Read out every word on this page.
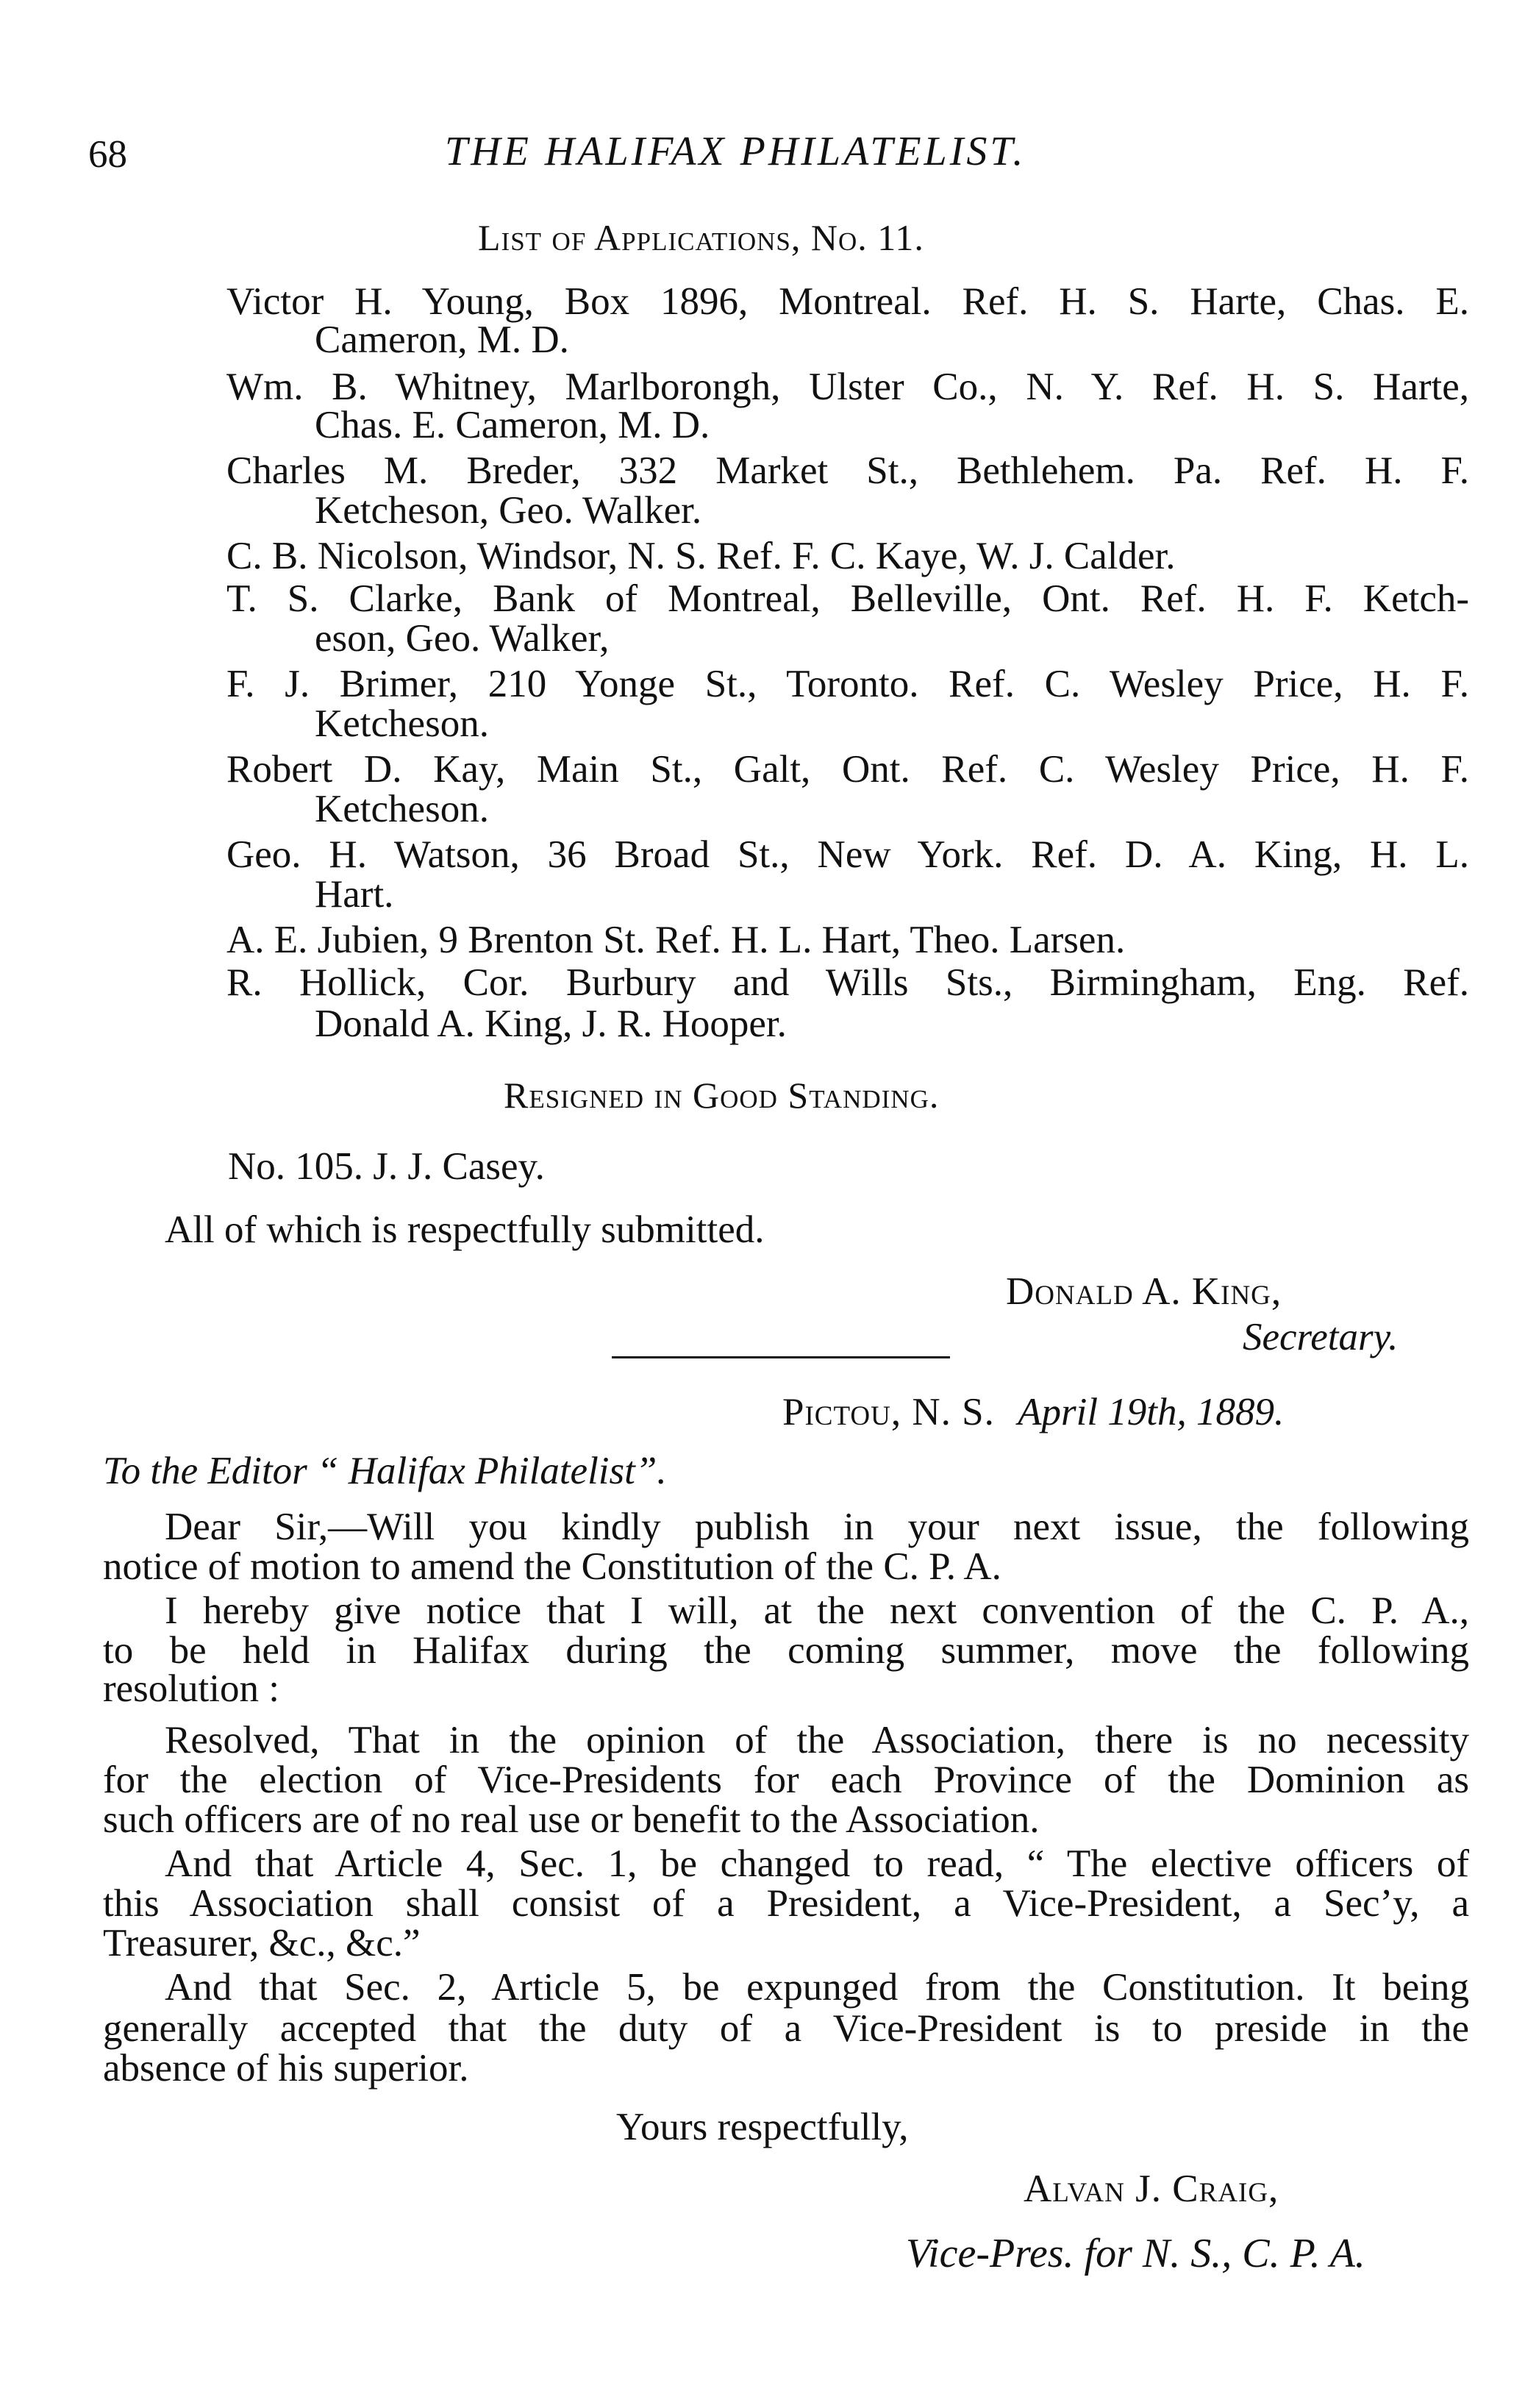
68	THE HALIFAX PHILATELIST.
List of Applications, No. 11.
Victor H. Young, Box 1896, Montreal. Ref. H. S. Harte, Chas. E.
Cameron, M. D.
Wm. B. Whitney, Marlborongh, Ulster Co., N. Y. Ref. H. S. Harte,
Chas. E. Cameron, M. D.
Charles M. Breder, 332 Market St., Bethlehem. Pa. Ref. H. F.
Ketcheson, Geo. Walker.
C. B. Nicolson, Windsor, N. S. Ref. F. C. Kaye, W. J. Calder.
T. S. Clarke, Bank of Montreal, Belleville, Ont. Ref. H. F. Ketch-
eson, Geo. Walker,
F. J. Brimer, 210 Yonge St., Toronto. Ref. C. Wesley Price, H. F.
Ketcheson.
Robert D. Kay, Main St., Galt, Ont. Ref. C. Wesley Price, H. F.
Ketcheson.
Geo. H. Watson, 36 Broad St., New York. Ref. D. A. King, H. L.
Hart.
A. E. Jubien, 9 Brenton St. Ref. H. L. Hart, Theo. Larsen.
R. Hollick, Cor. Burbury and Wills Sts., Birmingham, Eng. Ref.
Donald A. King, J. R. Hooper.
Resigned in Good Standing.
No. 105. J. J. Casey.
All of which is respectfully submitted.
Donald A. King,
Secretary.
Pictou, N. S. April 19th, 1889.
To the Editor “ Halifax Philatelist”.
Dear Sir,—Will you kindly publish in your next issue, the following
notice of motion to amend the Constitution of the C. P. A.
I hereby give notice that I will, at the next convention of the C. P. A.,
to be held in Halifax during the coming summer, move the following
resolution :
Resolved, That in the opinion of the Association, there is no necessity
for the election of Vice-Presidents for each Province of the Dominion as
such officers are of no real use or benefit to the Association.
And that Article 4, Sec. 1, be changed to read, “ The elective officers of
this Association shall consist of a President, a Vice-President, a Sec’y, a
Treasurer, &c., &c.”
And that Sec. 2, Article 5, be expunged from the Constitution. It being
generally accepted that the duty of a Vice-President is to preside in the
absence of his superior.
Yours respectfully,
Alvan J. Craig,
Vice-Pres. for N. S., C. P. A.
